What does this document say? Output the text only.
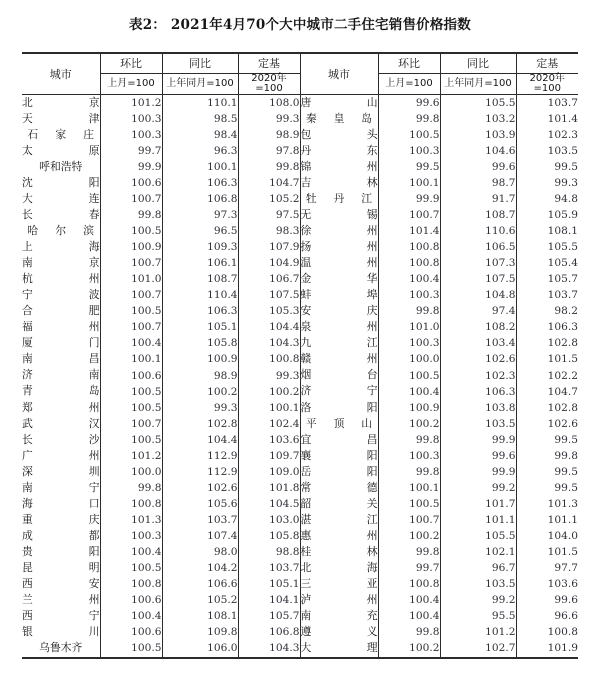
表2： 2021年4月70个大中城市二手住宅销售价格指数
城市	环比	同比	定基	城市	环比	同比	定基
	上月=100	上年同月=100	2020年=100		上月=100	上年同月=100	2020年=100

北 京	101.2	110.1	108.0	唐 山	99.6	105.5	103.7

天 津	100.3	98.5	99.3	秦 皇 岛	99.8	103.2	101.4

石 家 庄	100.3	98.4	98.9	包 头	100.5	103.9	102.3

太 原	99.7	96.3	97.8	丹 东	100.3	104.6	103.5

呼和浩特	99.9	100.1	99.8	锦 州	99.5	99.6	99.5

沈 阳	100.6	106.3	104.7	吉 林	100.1	98.7	99.3

大 连	100.7	106.8	105.2	牡 丹 江	99.9	91.7	94.8

长 春	99.8	97.3	97.5	无 锡	100.7	108.7	105.9

哈 尔 滨	100.5	96.5	98.3	徐 州	101.4	110.6	108.1

上 海	100.9	109.3	107.9	扬 州	100.8	106.5	105.5

南 京	100.7	106.1	104.9	温 州	100.8	107.3	105.4

杭 州	101.0	108.7	106.7	金 华	100.4	107.5	105.7

宁 波	100.7	110.4	107.5	蚌 埠	100.3	104.8	103.7

合 肥	100.5	106.3	105.3	安 庆	99.8	97.4	98.2

福 州	100.7	105.1	104.4	泉 州	101.0	108.2	106.3

厦 门	100.4	105.8	104.3	九 江	100.3	103.4	102.8

南 昌	100.1	100.9	100.8	赣 州	100.0	102.6	101.5

济 南	100.6	98.9	99.3	烟 台	100.5	102.3	102.2

青 岛	100.5	100.2	100.2	济 宁	100.4	106.3	104.7

郑 州	100.5	99.3	100.1	洛 阳	100.9	103.8	102.8

武 汉	100.7	102.8	102.4	平 顶 山	100.2	103.5	102.6

长 沙	100.5	104.4	103.6	宜 昌	99.8	99.9	99.5

广 州	101.2	112.9	109.7	襄 阳	100.3	99.6	99.8

深 圳	100.0	112.9	109.0	岳 阳	99.8	99.9	99.5

南 宁	99.8	102.6	101.8	常 德	100.1	99.2	99.5

海 口	100.8	105.6	104.5	韶 关	100.5	101.7	101.3

重 庆	101.3	103.7	103.0	湛 江	100.7	101.1	101.1

成 都	100.3	107.4	105.8	惠 州	100.2	105.5	104.0

贵 阳	100.4	98.0	98.8	桂 林	99.8	102.1	101.5

昆 明	100.5	104.2	103.7	北 海	99.7	96.7	97.7

西 安	100.8	106.6	105.1	三 亚	100.8	103.5	103.6

兰 州	100.6	105.2	104.1	泸 州	100.4	99.2	99.6

西 宁	100.4	108.1	105.7	南 充	100.4	95.5	96.6

银 川	100.6	109.8	106.8	遵 义	99.8	101.2	100.8

乌鲁木齐	100.5	106.0	104.3	大 理	100.2	102.7	101.9
